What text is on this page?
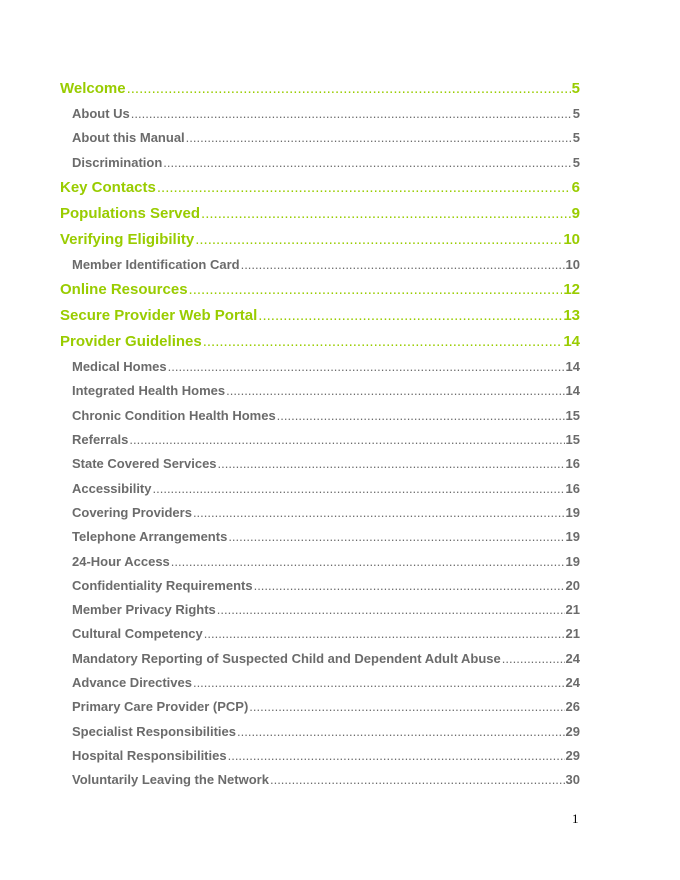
Welcome .....	5
About Us .....	5
About this Manual .....	5
Discrimination .....	5
Key Contacts .....	6
Populations Served .....	9
Verifying Eligibility .....	10
Member Identification Card .....	10
Online Resources .....	12
Secure Provider Web Portal .....	13
Provider Guidelines .....	14
Medical Homes .....	14
Integrated Health Homes .....	14
Chronic Condition Health Homes .....	15
Referrals .....	15
State Covered Services .....	16
Accessibility .....	16
Covering Providers .....	19
Telephone Arrangements .....	19
24-Hour Access .....	19
Confidentiality Requirements .....	20
Member Privacy Rights .....	21
Cultural Competency .....	21
Mandatory Reporting of Suspected Child and Dependent Adult Abuse .....	24
Advance Directives .....	24
Primary Care Provider (PCP) .....	26
Specialist Responsibilities .....	29
Hospital Responsibilities .....	29
Voluntarily Leaving the Network .....	30
1
